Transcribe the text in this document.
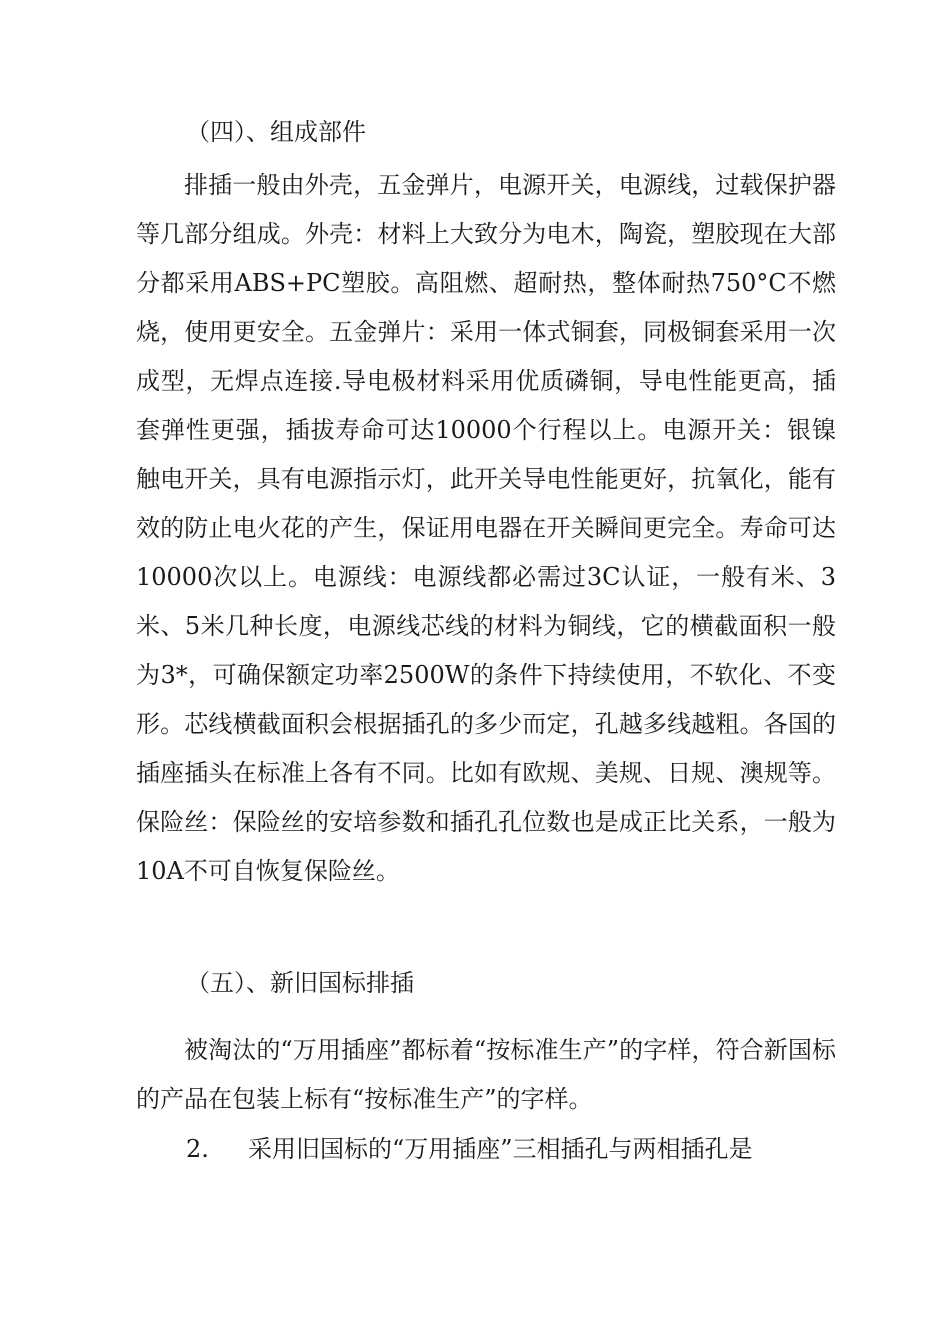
（四）、组成部件

排插一般由外壳，五金弹片，电源开关，电源线，过载保护器等几部分组成。外壳：材料上大致分为电木，陶瓷，塑胶现在大部分都采用ABS+PC塑胶。高阻燃、超耐热，整体耐热750°C不燃烧，使用更安全。五金弹片：采用一体式铜套，同极铜套采用一次成型，无焊点连接.导电极材料采用优质磷铜，导电性能更高，插套弹性更强，插拔寿命可达10000个行程以上。电源开关：银镍触电开关，具有电源指示灯，此开关导电性能更好，抗氧化，能有效的防止电火花的产生，保证用电器在开关瞬间更完全。寿命可达10000次以上。电源线：电源线都必需过3C认证，一般有米、3米、5米几种长度，电源线芯线的材料为铜线，它的横截面积一般为3*，可确保额定功率2500W的条件下持续使用，不软化、不变形。芯线横截面积会根据插孔的多少而定，孔越多线越粗。各国的插座插头在标准上各有不同。比如有欧规、美规、日规、澳规等。保险丝：保险丝的安培参数和插孔孔位数也是成正比关系，一般为10A不可自恢复保险丝。

（五）、新旧国标排插

被淘汰的“万用插座”都标着“按标准生产”的字样，符合新国标的产品在包装上标有“按标准生产”的字样。

2. 采用旧国标的“万用插座”三相插孔与两相插孔是
